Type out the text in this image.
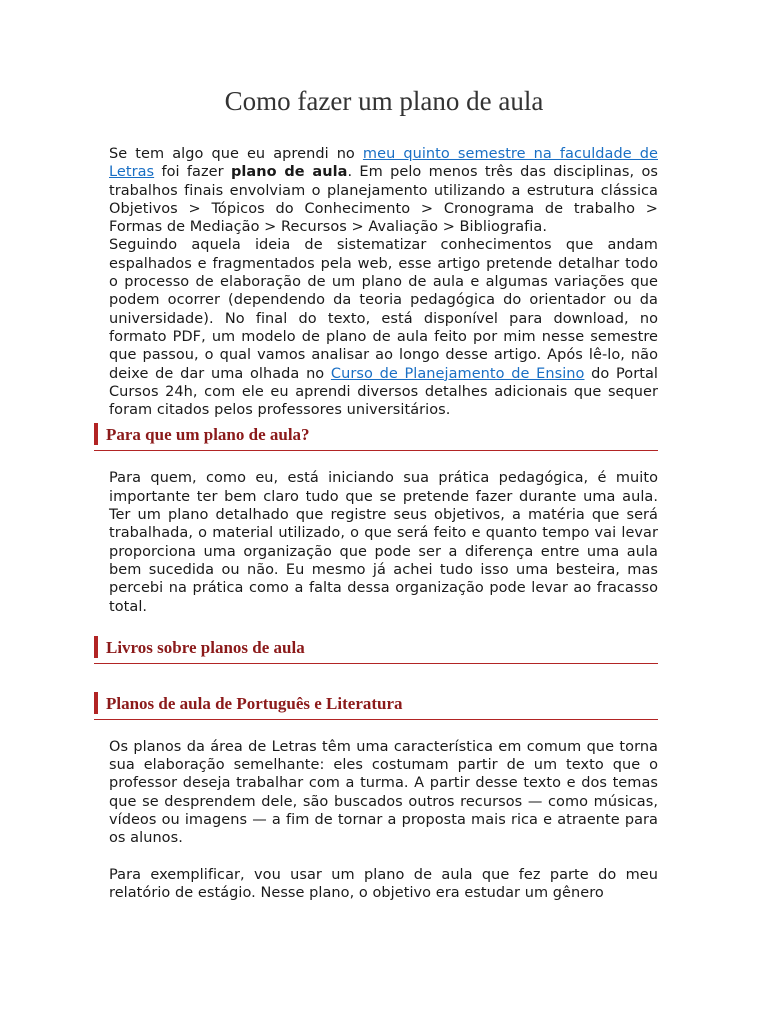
Como fazer um plano de aula

Se tem algo que eu aprendi no meu quinto semestre na faculdade de Letras foi fazer plano de aula. Em pelo menos três das disciplinas, os trabalhos finais envolviam o planejamento utilizando a estrutura clássica Objetivos > Tópicos do Conhecimento > Cronograma de trabalho > Formas de Mediação > Recursos > Avaliação > Bibliografia.

Seguindo aquela ideia de sistematizar conhecimentos que andam espalhados e fragmentados pela web, esse artigo pretende detalhar todo o processo de elaboração de um plano de aula e algumas variações que podem ocorrer (dependendo da teoria pedagógica do orientador ou da universidade). No final do texto, está disponível para download, no formato PDF, um modelo de plano de aula feito por mim nesse semestre que passou, o qual vamos analisar ao longo desse artigo. Após lê-lo, não deixe de dar uma olhada no Curso de Planejamento de Ensino do Portal Cursos 24h, com ele eu aprendi diversos detalhes adicionais que sequer foram citados pelos professores universitários.

Para que um plano de aula?

Para quem, como eu, está iniciando sua prática pedagógica, é muito importante ter bem claro tudo que se pretende fazer durante uma aula. Ter um plano detalhado que registre seus objetivos, a matéria que será trabalhada, o material utilizado, o que será feito e quanto tempo vai levar proporciona uma organização que pode ser a diferença entre uma aula bem sucedida ou não. Eu mesmo já achei tudo isso uma besteira, mas percebi na prática como a falta dessa organização pode levar ao fracasso total.

Livros sobre planos de aula
Planos de aula de Português e Literatura

Os planos da área de Letras têm uma característica em comum que torna sua elaboração semelhante: eles costumam partir de um texto que o professor deseja trabalhar com a turma. A partir desse texto e dos temas que se desprendem dele, são buscados outros recursos — como músicas, vídeos ou imagens — a fim de tornar a proposta mais rica e atraente para os alunos.

Para exemplificar, vou usar um plano de aula que fez parte do meu relatório de estágio. Nesse plano, o objetivo era estudar um gênero
